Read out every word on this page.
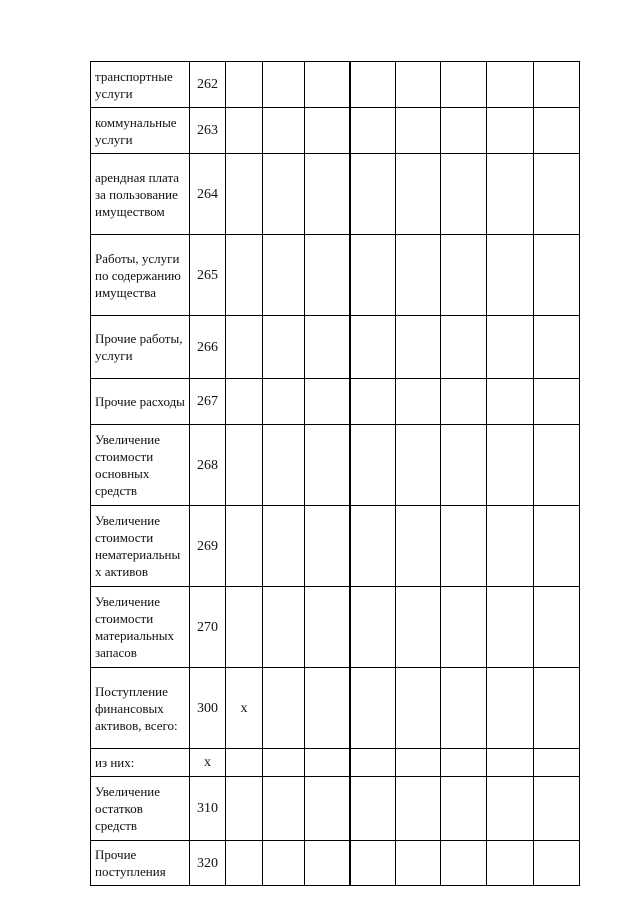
транспортные услуги	262									
коммунальные услуги	263									
арендная плата за пользование имуществом	264									
Работы, услуги по содержанию имущества	265									
Прочие работы, услуги	266									
Прочие расходы	267									
Увеличение стоимости основных средств	268									
Увеличение стоимости нематериальных активов	269									
Увеличение стоимости материальных запасов	270									
Поступление финансовых активов, всего:	300	x								
из них:	x									
Увеличение остатков средств	310									
Прочие поступления	320									
